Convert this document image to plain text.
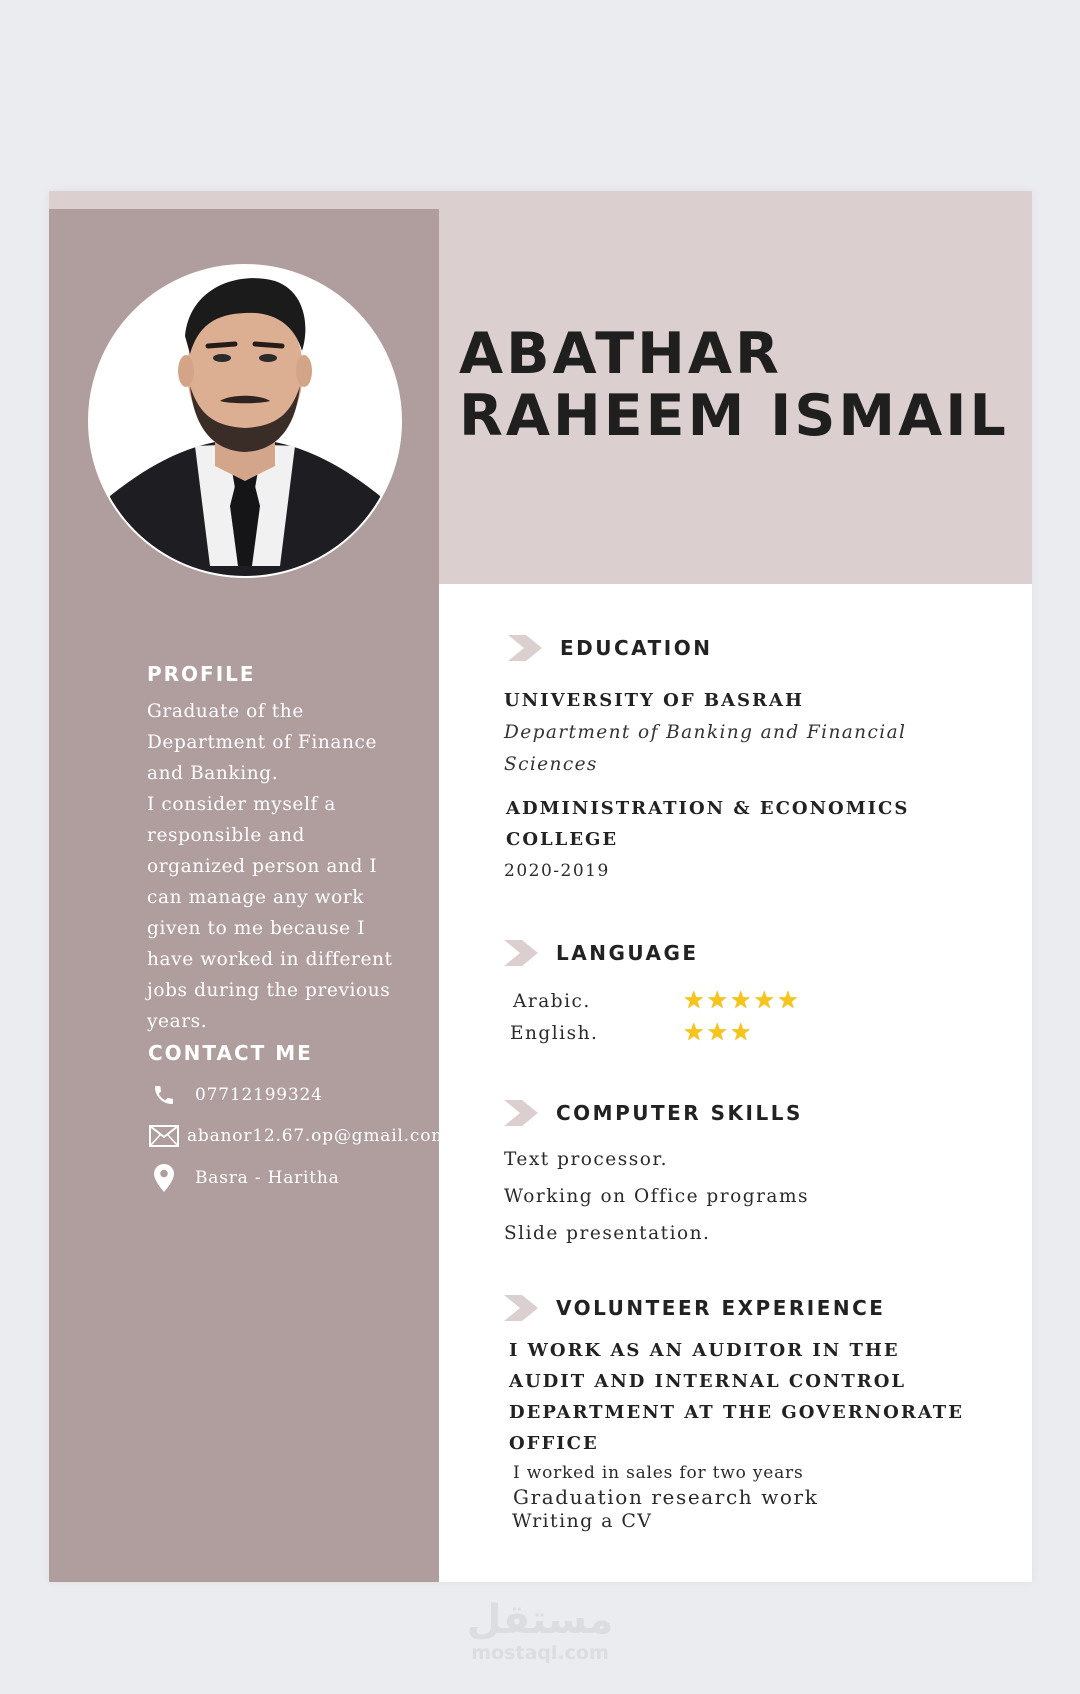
PROFILE

Graduate of the

Department of Finance

and Banking.

I consider myself a

responsible and

organized person and I

can manage any work

given to me because I

have worked in different

jobs during the previous

years.

CONTACT ME
07712199324
abanor12.67.op@gmail.com
Basra - Haritha
ABATHAR
RAHEEM ISMAIL
EDUCATION

UNIVERSITY OF BASRAH

Department of Banking and Financial

Sciences

ADMINISTRATION & ECONOMICS

COLLEGE

2020-2019

LANGUAGE
Arabic.	★★★★★
English.	★★★
COMPUTER SKILLS

Text processor.

Working on Office programs

Slide presentation.

VOLUNTEER EXPERIENCE

I WORK AS AN AUDITOR IN THE

AUDIT AND INTERNAL CONTROL

DEPARTMENT AT THE GOVERNORATE

OFFICE

I worked in sales for two years

Graduation research work

Writing a CV

مستقل
mostaql.com
